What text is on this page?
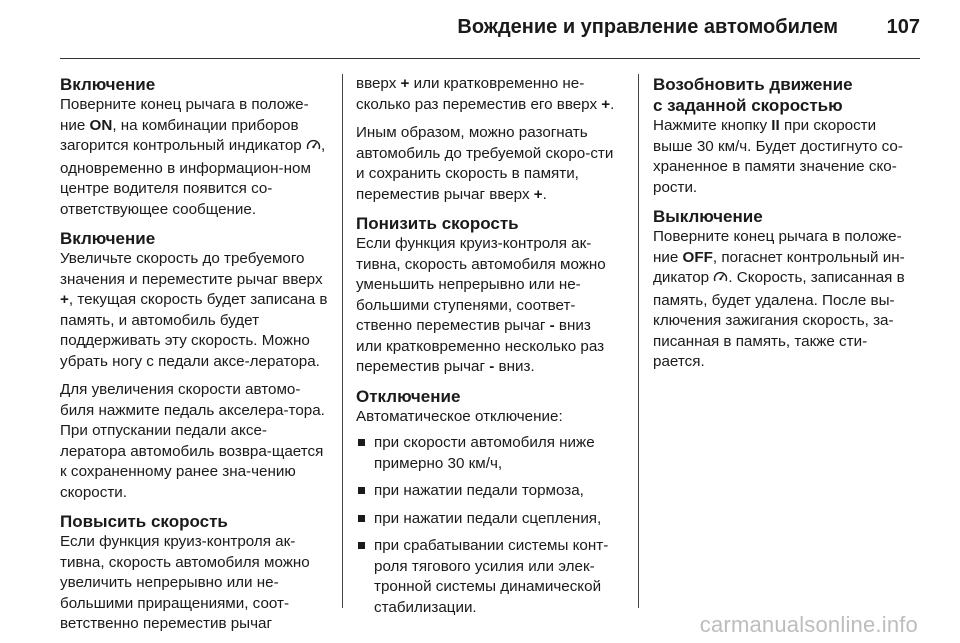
Вождение и управление автомобилем 107

Включение

Поверните конец рычага в положе-ние ON, на комбинации приборов загорится контрольный индикатор , одновременно в информацион-ном центре водителя появится со-ответствующее сообщение.

Включение

Увеличьте скорость до требуемого значения и переместите рычаг вверх +, текущая скорость будет записана в память, и автомобиль будет поддерживать эту скорость. Можно убрать ногу с педали аксе-лератора.

Для увеличения скорости автомо-биля нажмите педаль акселера-тора. При отпускании педали аксе-лератора автомобиль возвра-щается к сохраненному ранее зна-чению скорости.

Повысить скорость

Если функция круиз-контроля ак-тивна, скорость автомобиля можно увеличить непрерывно или не-большими приращениями, соот-ветственно переместив рычаг

вверх + или кратковременно не-сколько раз переместив его вверх +.

Иным образом, можно разогнать автомобиль до требуемой скоро-сти и сохранить скорость в памяти, переместив рычаг вверх +.

Понизить скорость

Если функция круиз-контроля ак-тивна, скорость автомобиля можно уменьшить непрерывно или не-большими ступенями, соответ-ственно переместив рычаг - вниз или кратковременно несколько раз переместив рычаг - вниз.

Отключение

Автоматическое отключение:

при скорости автомобиля ниже примерно 30 км/ч,
при нажатии педали тормоза,
при нажатии педали сцепления,
при срабатывании системы конт-роля тягового усилия или элек-тронной системы динамической стабилизации.

Возобновить движение
с заданной скоростью

Нажмите кнопку II при скорости выше 30 км/ч. Будет достигнуто со-храненное в памяти значение ско-рости.

Выключение

Поверните конец рычага в положе-ние OFF, погаснет контрольный ин-дикатор . Скорость, записанная в память, будет удалена. После вы-ключения зажигания скорость, за-писанная в память, также сти-рается.

carmanualsonline.info
